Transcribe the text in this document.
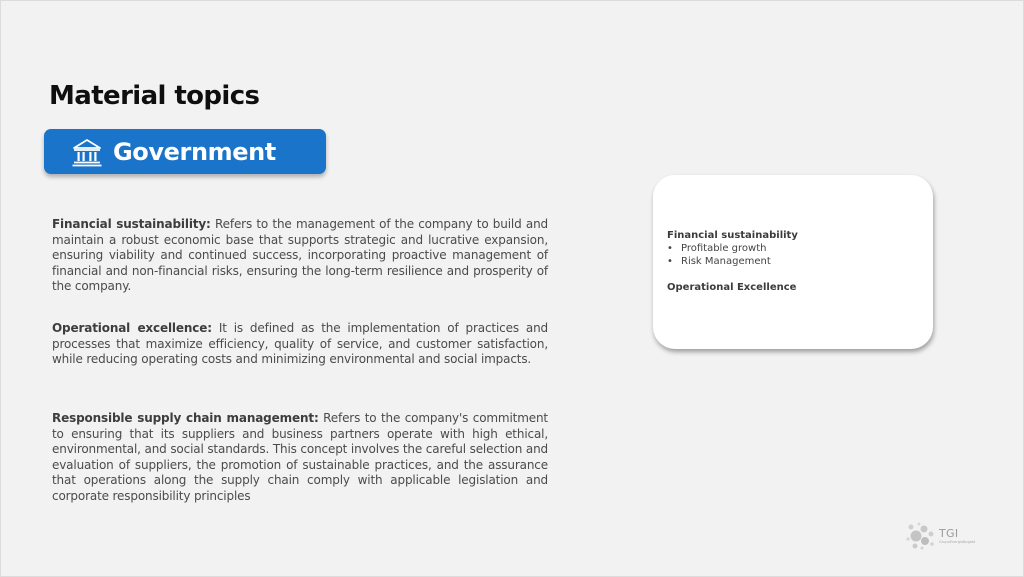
Material topics
Government

Financial sustainability: Refers to the management of the company to build and maintain a robust economic base that supports strategic and lucrative expansion, ensuring viability and continued success, incorporating proactive management of financial and non-financial risks, ensuring the long-term resilience and prosperity of the company.

Operational excellence: It is defined as the implementation of practices and processes that maximize efficiency, quality of service, and customer satisfaction, while reducing operating costs and minimizing environmental and social impacts.

Responsible supply chain management: Refers to the company's commitment to ensuring that its suppliers and business partners operate with high ethical, environmental, and social standards. This concept involves the careful selection and evaluation of suppliers, the promotion of sustainable practices, and the assurance that operations along the supply chain comply with applicable legislation and corporate responsibility principles

Financial sustainability
• Profitable growth
• Risk Management
Operational Excellence
TGI
GrupoEnergiaBogotá
